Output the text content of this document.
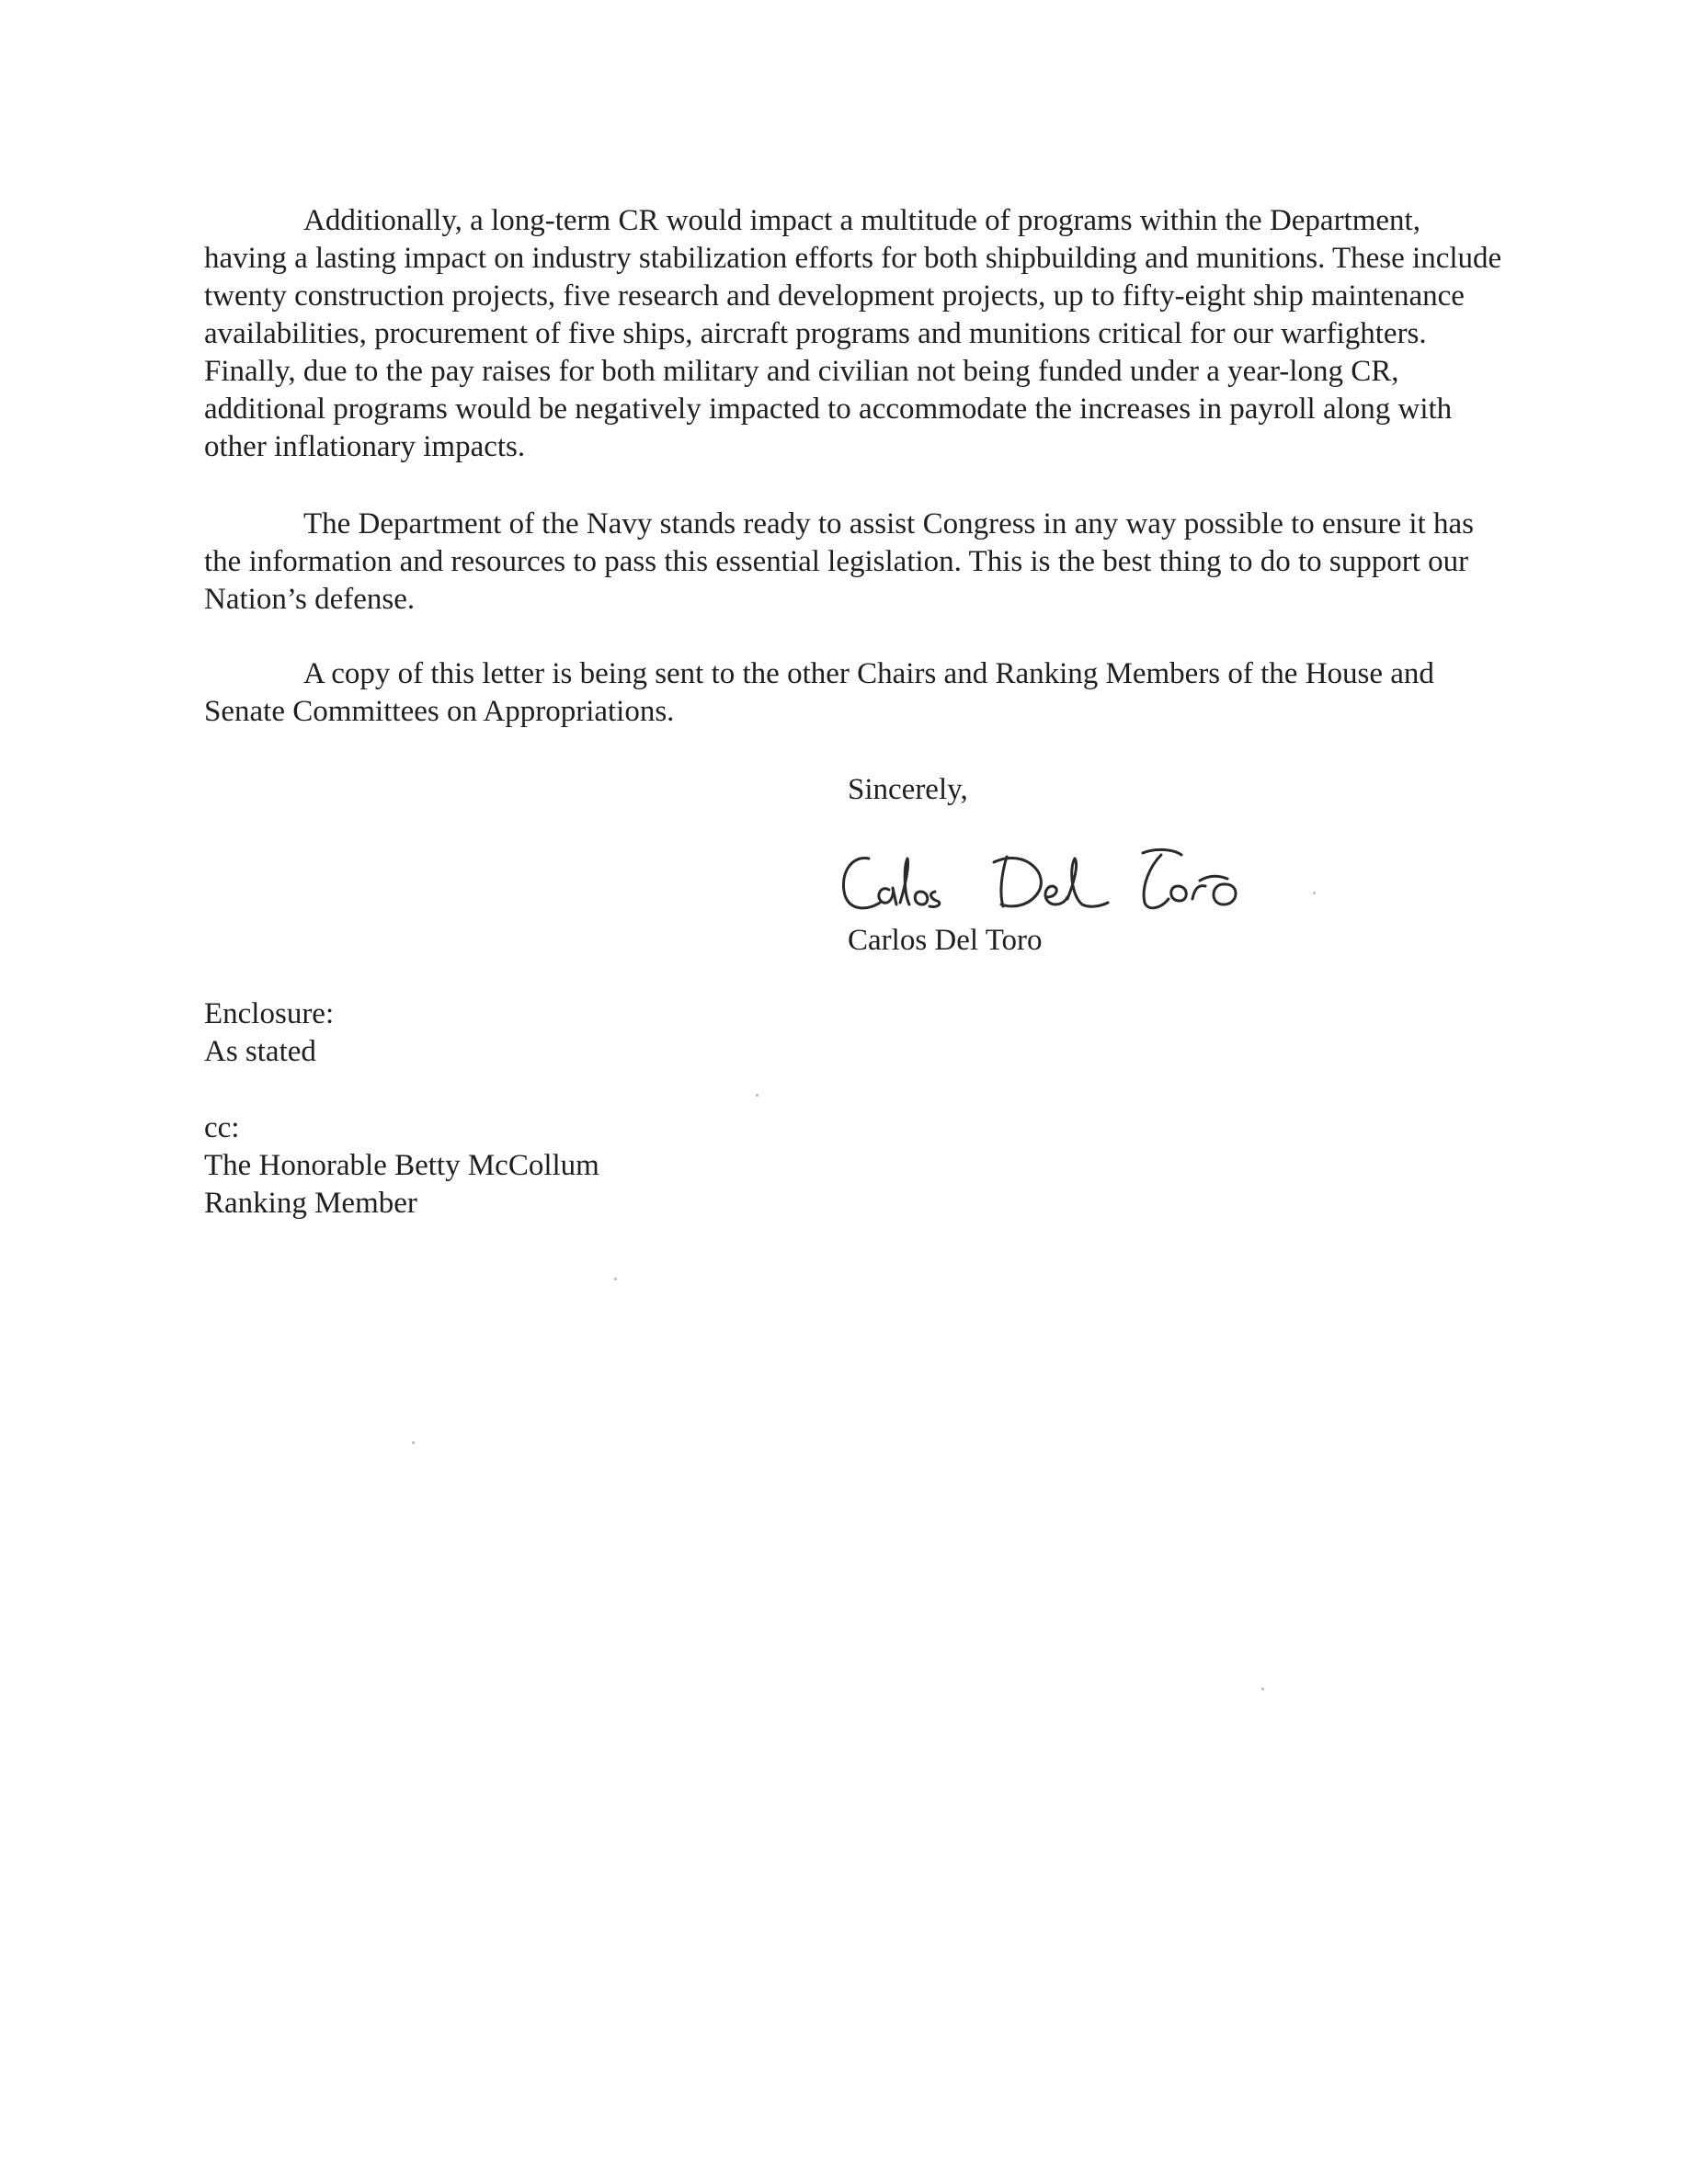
Additionally, a long-term CR would impact a multitude of programs within the Department, having a lasting impact on industry stabilization efforts for both shipbuilding and munitions. These include twenty construction projects, five research and development projects, up to fifty-eight ship maintenance availabilities, procurement of five ships, aircraft programs and munitions critical for our warfighters. Finally, due to the pay raises for both military and civilian not being funded under a year-long CR, additional programs would be negatively impacted to accommodate the increases in payroll along with other inflationary impacts.

The Department of the Navy stands ready to assist Congress in any way possible to ensure it has the information and resources to pass this essential legislation. This is the best thing to do to support our Nation’s defense.

A copy of this letter is being sent to the other Chairs and Ranking Members of the House and Senate Committees on Appropriations.

Sincerely,

Carlos Del Toro

Enclosure:

As stated

cc:

The Honorable Betty McCollum

Ranking Member
